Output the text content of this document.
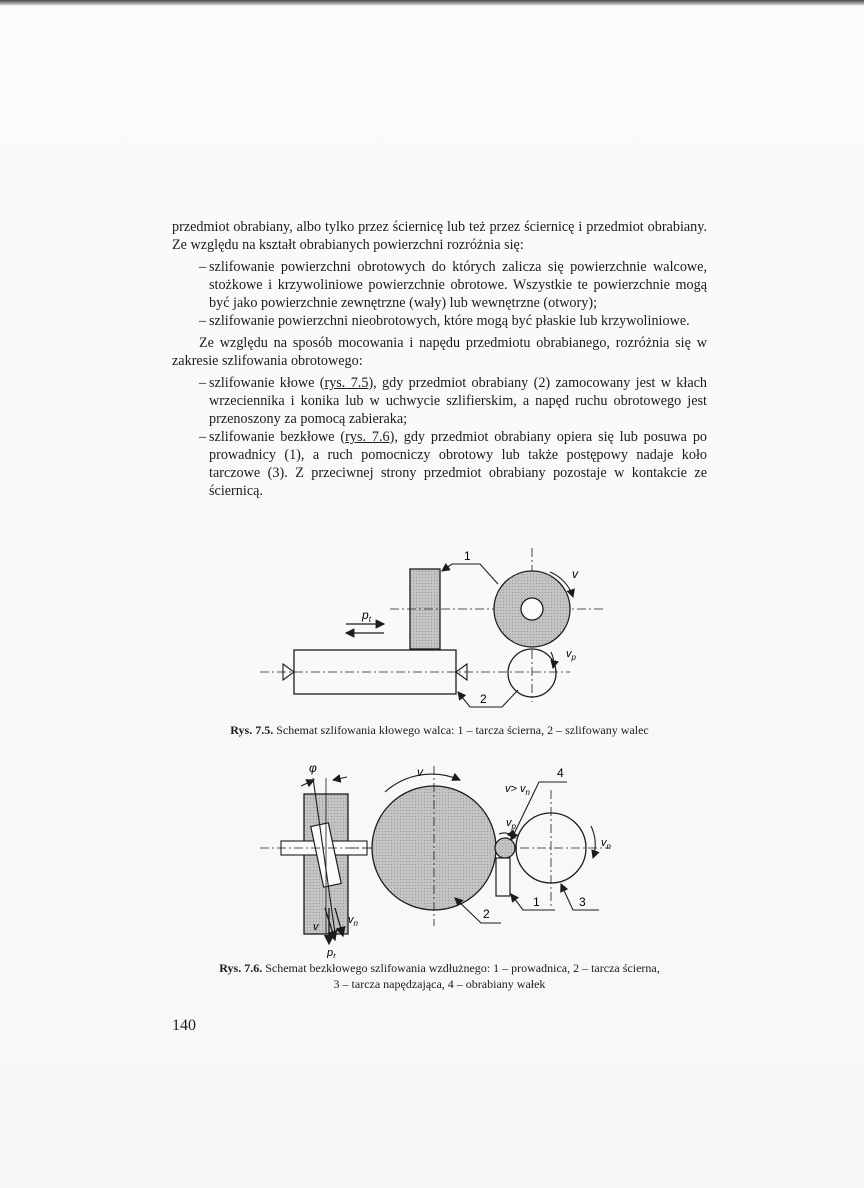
przedmiot obrabiany, albo tylko przez ściernicę lub też przez ściernicę i przedmiot obrabiany. Ze względu na kształt obrabianych powierzchni rozróżnia się:

– szlifowanie powierzchni obrotowych do których zalicza się powierzchnie walcowe, stożkowe i krzywoliniowe powierzchnie obrotowe. Wszystkie te powierzchnie mogą być jako powierzchnie zewnętrzne (wały) lub wewnętrzne (otwory);
– szlifowanie powierzchni nieobrotowych, które mogą być płaskie lub krzywoliniowe.

Ze względu na sposób mocowania i napędu przedmiotu obrabianego, rozróżnia się w zakresie szlifowania obrotowego:

– szlifowanie kłowe (rys. 7.5), gdy przedmiot obrabiany (2) zamocowany jest w kłach wrzeciennika i konika lub w uchwycie szlifierskim, a napęd ruchu obrotowego jest przenoszony za pomocą zabieraka;
– szlifowanie bezkłowe (rys. 7.6), gdy przedmiot obrabiany opiera się lub posuwa po prowadnicy (1), a ruch pomocniczy obrotowy lub także postępowy nadaje koło tarczowe (3). Z przeciwnej strony przedmiot obrabiany pozostaje w kontakcie ze ściernicą.
v
$v_p$
$p_t$
1
2
Rys. 7.5. Schemat szlifowania kłowego walca: 1 – tarcza ścierna, 2 – szlifowany walec
φ
v
$v_n$
$p_t$
v
$v_n$
$v_p$
$v> v_n$
4
1
2
3
Rys. 7.6. Schemat bezkłowego szlifowania wzdłużnego: 1 – prowadnica, 2 – tarcza ścierna,
3 – tarcza napędzająca, 4 – obrabiany wałek
140
